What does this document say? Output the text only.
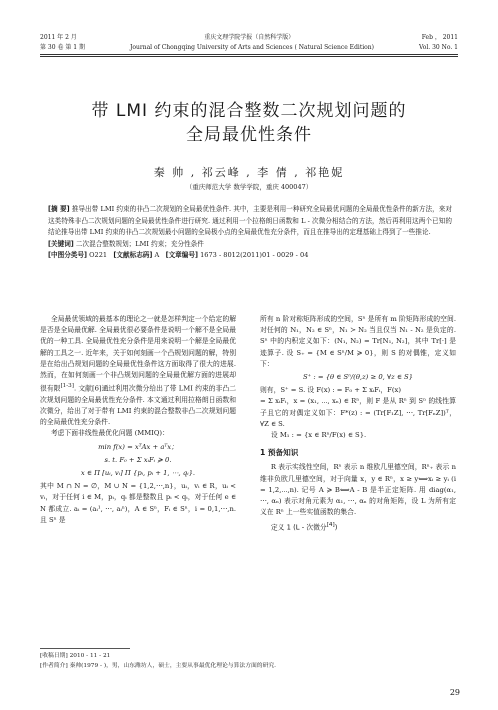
2011 年 2 月	重庆文理学院学报（自然科学版）	Feb ， 2011
第 30 卷 第 1 期	Journal of Chongqing University of Arts and Sciences ( Natural Science Edition)	Vol. 30 No. 1
带 LMI 约束的混合整数二次规划问题的
全局最优性条件
秦 帅 , 祁云峰 , 李 倩 , 祁艳妮
（重庆师范大学 数学学院，重庆 400047）
[摘 要] 推导出带 LMI 约束的非凸二次规划的全局最优性条件. 其中，主要是利用一种研究全局最优问题的全局最优性条件的新方法，来对这类特殊非凸二次规划问题的全局最优性条件进行研究. 通过利用一个拉格朗日函数和 L - 次微分相结合的方法，然后再利用这两个已知的结论推导出带 LMI 约束的非凸二次规划最小问题的全局极小点的全局最优性充分条件，而且在推导出的定理基础上得到了一些推论.
[关键词] 二次混合整数规划；LMI 约束；充分性条件
[中图分类号] O221 [文献标志码] A [文章编号] 1673 - 8012(2011)01 - 0029 - 04

全局最优领域的最基本的理论之一就是怎样判定一个给定的解是否是全局最优解. 全局最优很必要条件是说明一个解不是全局最优的一种工具. 全局最优性充分条件是用来说明一个解是全局最优解的工具之一. 近年来，关于如何刻画一个凸规划问题的解，特别是在给出凸规划问题的全局最优性条件这方面取得了很大的进展. 然而，在如何刻画一个非凸规划问题的全局最优解方面的进展却很有限[1-3]. 文献[6]通过利用次微分给出了带 LMI 约束的非凸二次规划问题的全局最优性充分条件. 本文通过利用拉格朗日函数和次微分，给出了对于带有 LMI 约束的混合整数非凸二次规划问题的全局最优性充分条件.

考虑下面非线性最优化问题 (MMIQ)：

min f(x) = xᵀAx + aᵀx；
s. t. F₀ + Σ xᵢFᵢ ≽ 0.
x ∈ Π [uᵢ, vᵢ] Π {pᵢ, pᵢ + 1, ⋯, qᵢ}.

其中 M ∩ N = ∅，M ∪ N = {1,2,⋯,n}，uᵢ，vᵢ ∈ R，uᵢ < vᵢ，对于任何 i ∈ M，pᵢ，qᵢ 都是整数且 pᵢ < qᵢ，对于任何 e ∈ N 都成立. aᵢ = (aᵢ¹, ⋯, aᵢⁿ)，A ∈ Sⁿ，Fᵢ ∈ Sⁿ，i = 0,1,⋯,n. 且 Sⁿ 是

所有 n 阶对称矩阵形成的空间，Sⁿ 是所有 m 阶矩阵形成的空间. 对任何的 N₁，N₂ ∈ Sⁿ，N₁ ≻ N₂ 当且仅当 N₁ - N₂ 是负定的. Sⁿ 中的内积定义如下：(N₁, N₂) = Tr[N₁, N₂]，其中 Tr[·] 是迹算子. 设 S₊ = {M ∈ Sⁿ/M ≽ 0}，则 S 的对偶锥，定义如下：

S⁺ : = {θ ∈ Sⁿ/(θ,z) ≥ 0, ∀z ∈ S}

则有，S⁺ = S. 设 F(x) : = F₀ + Σ xᵢFᵢ，F(x)

= Σ xᵢFᵢ，x = (x₁, ⋯, xₙ) ∈ Rⁿ，则 F 是从 Rⁿ 到 Sⁿ 的线性算子且它的对偶定义如下：F*(z) : = (Tr[F₁Z], ⋯, Tr[FₙZ])ᵀ，∀Z ∈ S.

设 M₁ : = {x ∈ Rⁿ/F(x) ∈ S}.

1 预备知识

R 表示实线性空间，Rⁿ 表示 n 维欧几里德空间，Rⁿ₊ 表示 n 维非负欧几里德空间，对于向量 x，y ∈ Rⁿ，x ≥ y⟺xᵢ ≥ yᵢ (i = 1,2,⋯,n). 记号 A ≽ B⟺A - B 是半正定矩阵. 用 diag(α₁, ⋯, αₙ) 表示对角元素为 α₁, ⋯, αₙ 的对角矩阵，设 L 为所有定义在 Rⁿ 上一些实值函数的集合.

定义 1 (L - 次微分[4])
[收稿日期] 2010 - 11 - 21
[作者简介] 秦帅(1979 - )，男，山东潍坊人，硕士，主要从事最优化理论与算法方面的研究.
29
